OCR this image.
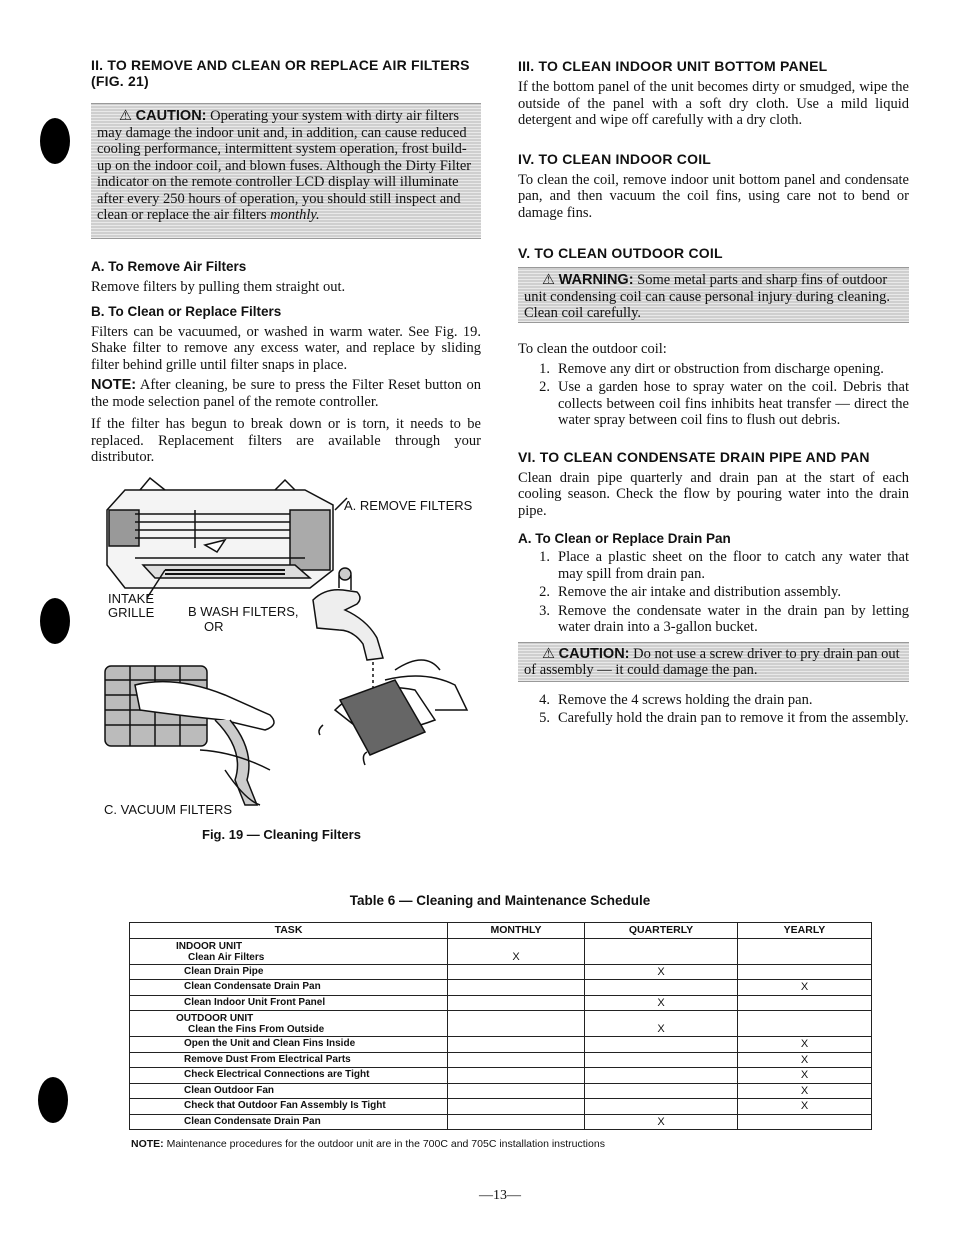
II. TO REMOVE AND CLEAN OR REPLACE AIR FILTERS
(FIG. 21)

⚠ CAUTION: Operating your system with dirty air filters may damage the indoor unit and, in addition, can cause reduced cooling performance, intermittent system operation, frost build-up on the indoor coil, and blown fuses. Although the Dirty Filter indicator on the remote controller LCD display will illuminate after every 250 hours of operation, you should still inspect and clean or replace the air filters monthly.

A. To Remove Air Filters

Remove filters by pulling them straight out.

B. To Clean or Replace Filters

Filters can be vacuumed, or washed in warm water. See Fig. 19. Shake filter to remove any excess water, and replace by sliding filter behind grille until filter snaps in place.

NOTE: After cleaning, be sure to press the Filter Reset button on the mode selection panel of the remote controller.

If the filter has begun to break down or is torn, it needs to be replaced. Replacement filters are available through your distributor.

A. REMOVE FILTERS
INTAKE
GRILLE	B WASH FILTERS,
OR
C. VACUUM FILTERS
Fig. 19 — Cleaning Filters

III. TO CLEAN INDOOR UNIT BOTTOM PANEL

If the bottom panel of the unit becomes dirty or smudged, wipe the outside of the panel with a soft dry cloth. Use a mild liquid detergent and wipe off carefully with a dry cloth.

IV. TO CLEAN INDOOR COIL

To clean the coil, remove indoor unit bottom panel and condensate pan, and then vacuum the coil fins, using care not to bend or damage fins.

V. TO CLEAN OUTDOOR COIL

⚠ WARNING: Some metal parts and sharp fins of outdoor unit condensing coil can cause personal injury during cleaning. Clean coil carefully.

To clean the outdoor coil:

1. Remove any dirt or obstruction from discharge opening.
2. Use a garden hose to spray water on the coil. Debris that collects between coil fins inhibits heat transfer — direct the water spray between coil fins to flush out debris.

VI. TO CLEAN CONDENSATE DRAIN PIPE AND PAN

Clean drain pipe quarterly and drain pan at the start of each cooling season. Check the flow by pouring water into the drain pipe.

A. To Clean or Replace Drain Pan

1. Place a plastic sheet on the floor to catch any water that may spill from drain pan.
2. Remove the air intake and distribution assembly.
3. Remove the condensate water in the drain pan by letting water drain into a 3-gallon bucket.
⚠ CAUTION: Do not use a screw driver to pry drain pan out of assembly — it could damage the pan.
4. Remove the 4 screws holding the drain pan.
5. Carefully hold the drain pan to remove it from the assembly.
Table 6 — Cleaning and Maintenance Schedule
TASK	MONTHLY	QUARTERLY	YEARLY

INDOOR UNIT
Clean Air Filters	X		
Clean Drain Pipe		X	
Clean Condensate Drain Pan			X
Clean Indoor Unit Front Panel		X	

OUTDOOR UNIT
Clean the Fins From Outside		X	
Open the Unit and Clean Fins Inside			X
Remove Dust From Electrical Parts			X
Check Electrical Connections are Tight			X
Clean Outdoor Fan			X
Check that Outdoor Fan Assembly Is Tight			X
Clean Condensate Drain Pan		X	
NOTE: Maintenance procedures for the outdoor unit are in the 700C and 705C installation instructions
—13—
